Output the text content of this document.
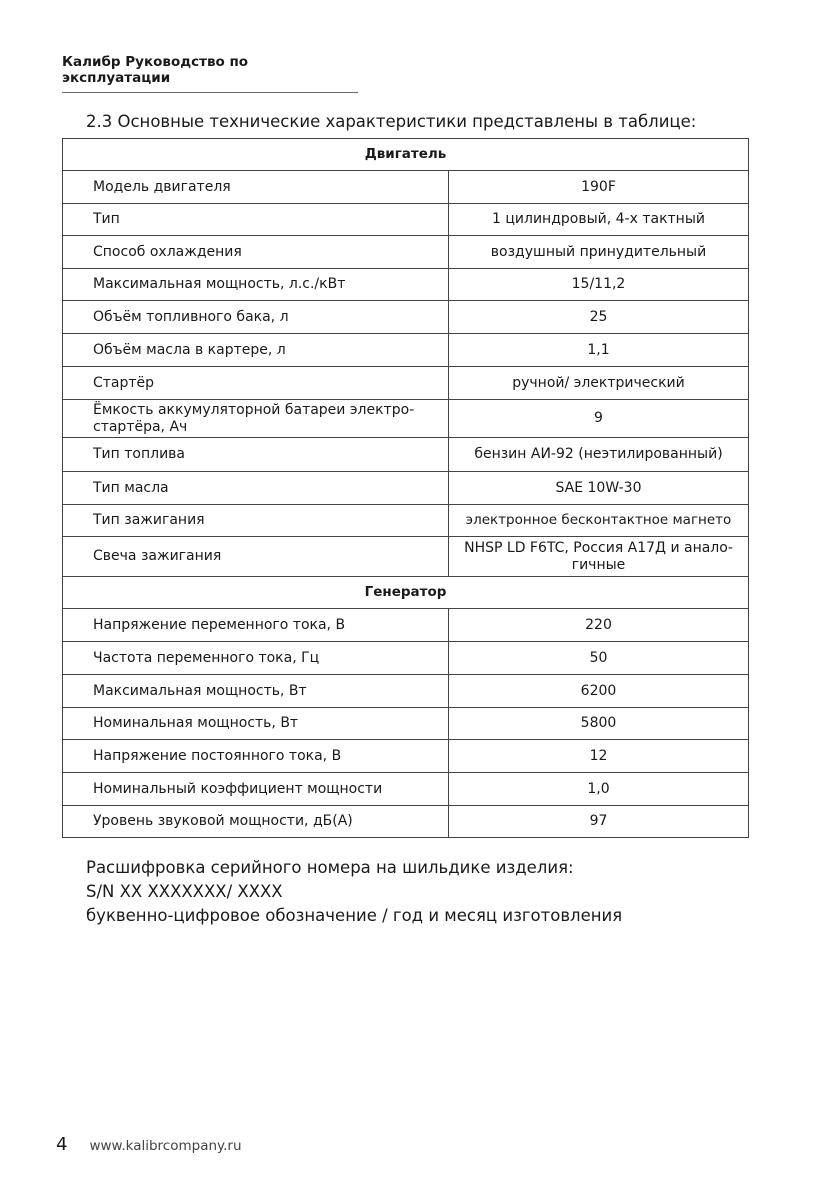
Калибр Руководство по эксплуатации
2.3 Основные технические характеристики представлены в таблице:
Двигатель	
Модель двигателя	190F
Тип	1 цилиндровый, 4-х тактный
Способ охлаждения	воздушный принудительный
Максимальная мощность, л.с./кВт	15/11,2
Объём топливного бака, л	25
Объём масла в картере, л	1,1
Стартёр	ручной/ электрический
Ёмкость аккумуляторной батареи электро-стартёра, Ач	9
Тип топлива	бензин АИ-92 (неэтилированный)
Тип масла	SAE 10W-30
Тип зажигания	электронное бесконтактное магнето
Свеча зажигания	NHSP LD F6TC, Россия А17Д и анало-гичные
Генератор	
Напряжение переменного тока, В	220
Частота переменного тока, Гц	50
Максимальная мощность, Вт	6200
Номинальная мощность, Вт	5800
Напряжение постоянного тока, В	12
Номинальный коэффициент мощности	1,0
Уровень звуковой мощности, дБ(А)	97
Расшифровка серийного номера на шильдике изделия:
S/N XX XXXXXXX/ XXXX
буквенно-цифровое обозначение / год и месяц изготовления
4 www.kalibrcompany.ru
